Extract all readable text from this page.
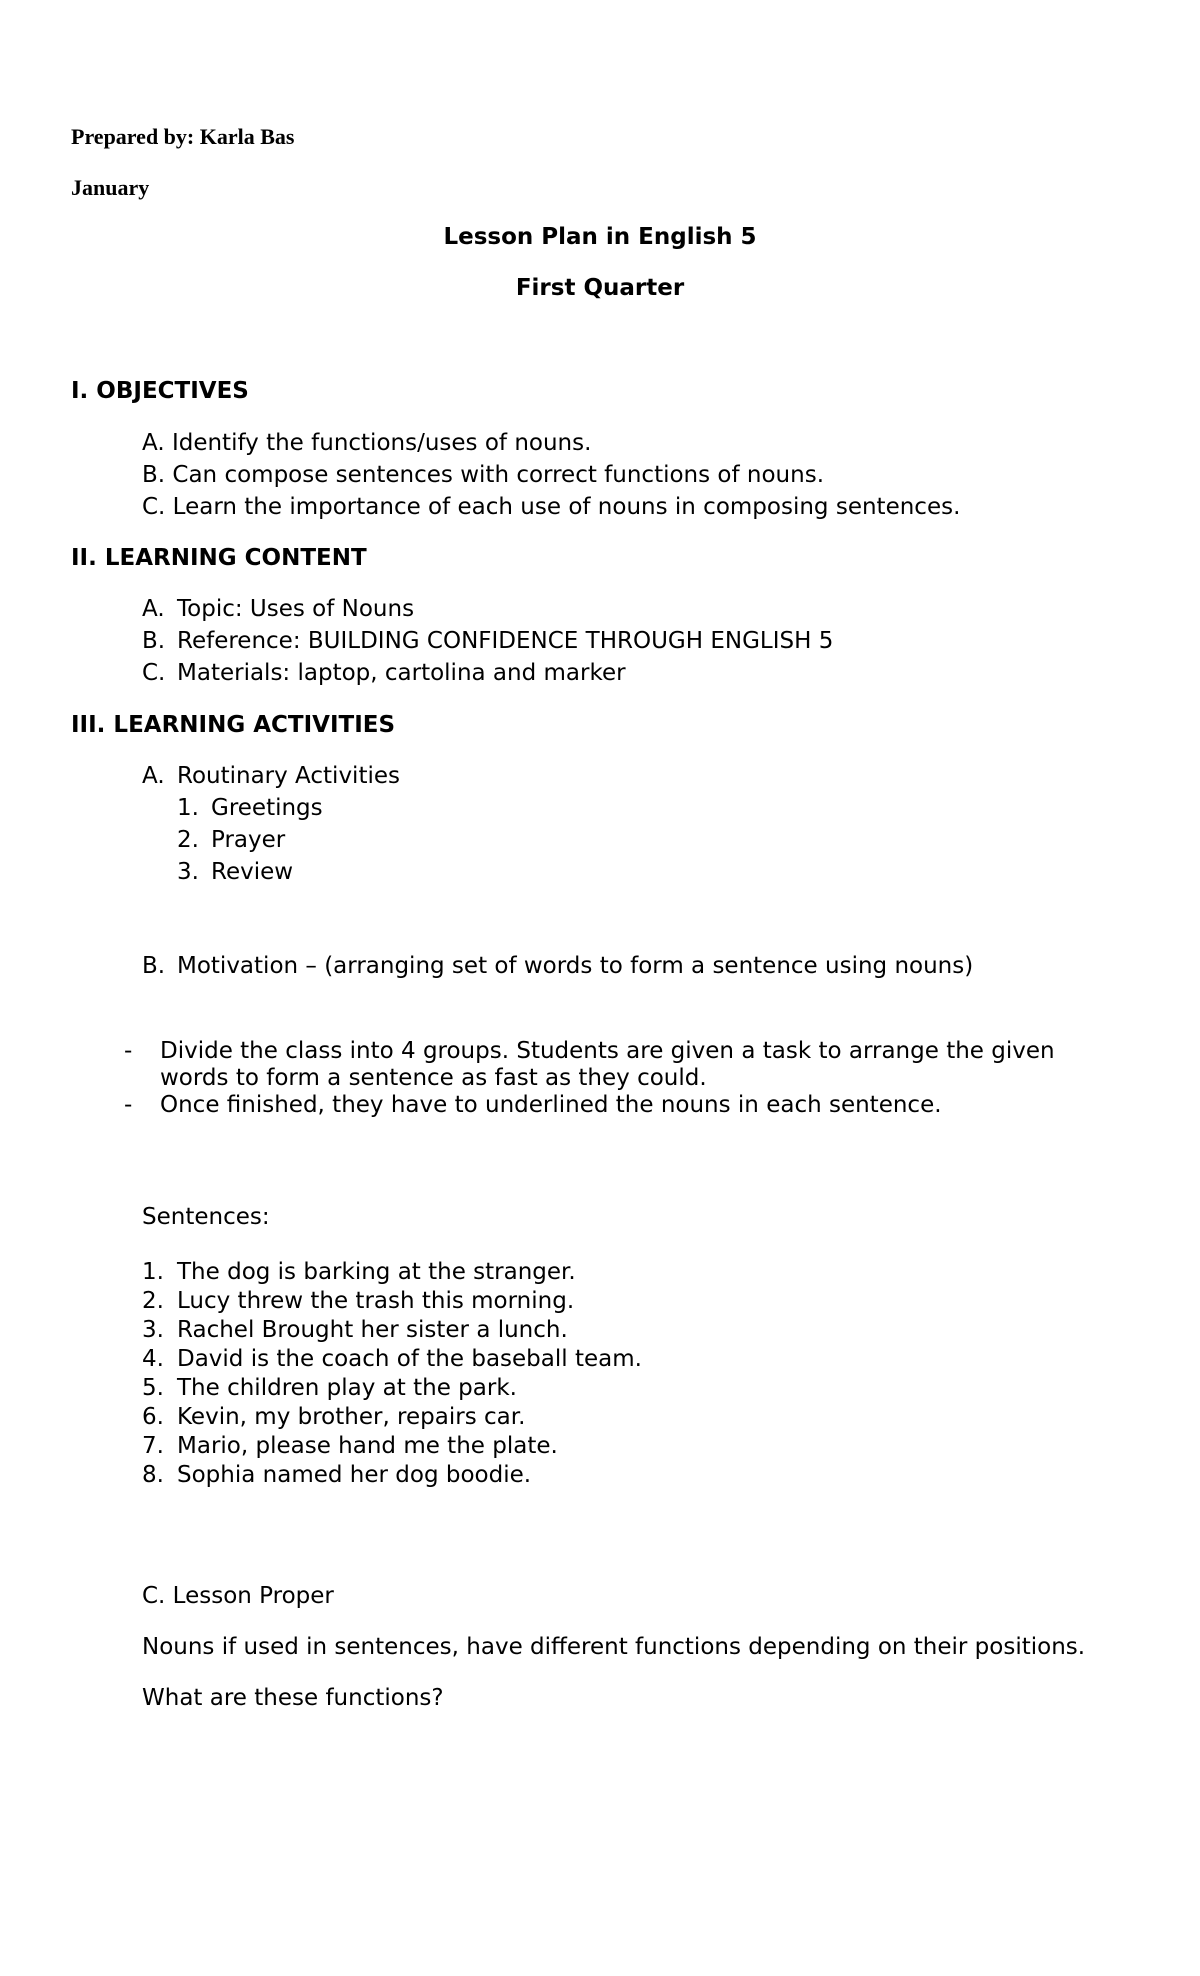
Prepared by: Karla Bas
January
Lesson Plan in English 5
First Quarter
I. OBJECTIVES
A. Identify the functions/uses of nouns.
B. Can compose sentences with correct functions of nouns.
C. Learn the importance of each use of nouns in composing sentences.
II. LEARNING CONTENT
A. Topic: Uses of Nouns
B. Reference: BUILDING CONFIDENCE THROUGH ENGLISH 5
C. Materials: laptop, cartolina and marker
III. LEARNING ACTIVITIES
A. Routinary Activities
1. Greetings
2. Prayer
3. Review
B. Motivation – (arranging set of words to form a sentence using nouns)
- Divide the class into 4 groups. Students are given a task to arrange the given words to form a sentence as fast as they could.
- Once finished, they have to underlined the nouns in each sentence.
Sentences:
1. The dog is barking at the stranger.
2. Lucy threw the trash this morning.
3. Rachel Brought her sister a lunch.
4. David is the coach of the baseball team.
5. The children play at the park.
6. Kevin, my brother, repairs car.
7. Mario, please hand me the plate.
8. Sophia named her dog boodie.
C. Lesson Proper
Nouns if used in sentences, have different functions depending on their positions.
What are these functions?
